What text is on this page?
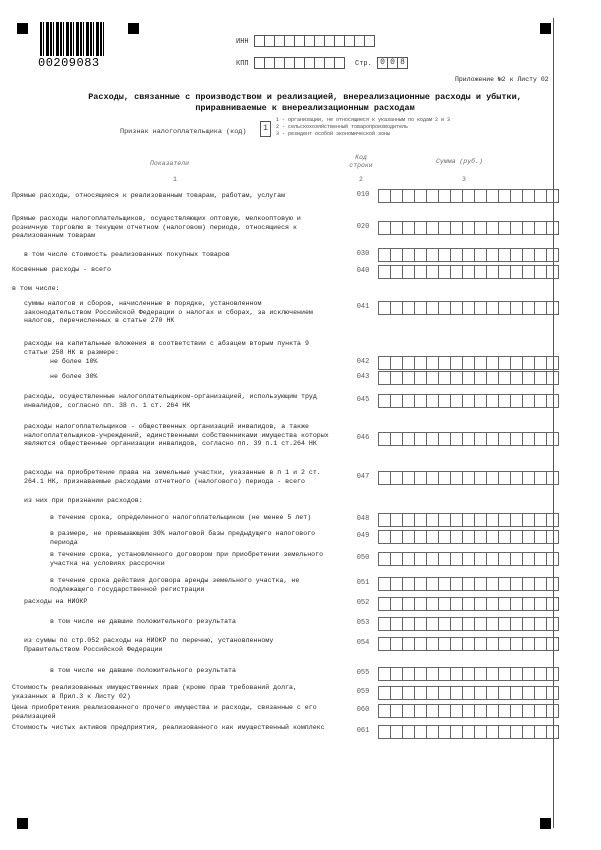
00209083
ИНН
КПП	Стр.	0 0 8
Приложение №2 к Листу 02
Расходы, связанные с производством и реализацией, внереализационные расходы и убытки,
приравниваемые к внереализационным расходам
Признак налогоплательщика (код)	1
1 - организации, не относящиеся к указанным по кодам 2 и 3
2 - сельскохозяйственный товаропроизводитель
3 - резидент особой экономической зоны
Показатели
Код строки
Сумма (руб.)
1	2	3
Прямые расходы, относящиеся к реализованным товарам, работам, услугам	010
Прямые расходы налогоплательщиков, осуществляющих оптовую, мелкооптовую и розничную торговлю в текущем отчетном (налоговом) периоде, относящиеся к реализованным товарам
020
в том числе стоимость реализованных покупных товаров	030
Косвенные расходы - всего	040
в том числе:
суммы налогов и сборов, начисленные в порядке, установленном законодательством Российской Федерации о налогах и сборах, за исключением налогов, перечисленных в статье 270 НК
041
расходы на капитальные вложения в соответствии с абзацем вторым пункта 9 статьи 258 НК в размере:
не более 10%	042
не более 30%	043
расходы, осуществленные налогоплательщиком-организацией, использующим труд инвалидов, согласно пп. 38 п. 1 ст. 264 НК
045
расходы налогоплательщиков - общественных организаций инвалидов, а также налогоплательщиков-учреждений, единственными собственниками имущества которых являются общественные организации инвалидов, согласно пп. 39 п.1 ст.264 НК
046
расходы на приобретение права на земельные участки, указанные в п 1 и 2 ст. 264.1 НК, признаваемые расходами отчетного (налогового) периода - всего	047
из них при признании расходов:
в течение срока, определенного налогоплательщиком (не менее 5 лет)	048
в размере, не превышающем 30% налоговой базы предыдущего налогового периода
049
в течение срока, установленного договором при приобретении земельного участка на условиях рассрочки
050
в течение срока действия договора аренды земельного участка, не подлежащего государственной регистрации
051
расходы на НИОКР	052
в том числе не давшие положительного результата	053
из суммы по стр.052 расходы на НИОКР по перечню, установленному Правительством Российской Федерации
054
в том числе не давшие положительного результата	055
Стоимость реализованных имущественных прав (кроме прав требований долга, указанных в Прил.3 к Листу 02)	059
Цена приобретения реализованного прочего имущества и расходы, связанные с его реализацией
060
Стоимость чистых активов предприятия, реализованного как имущественный комплекс	061
